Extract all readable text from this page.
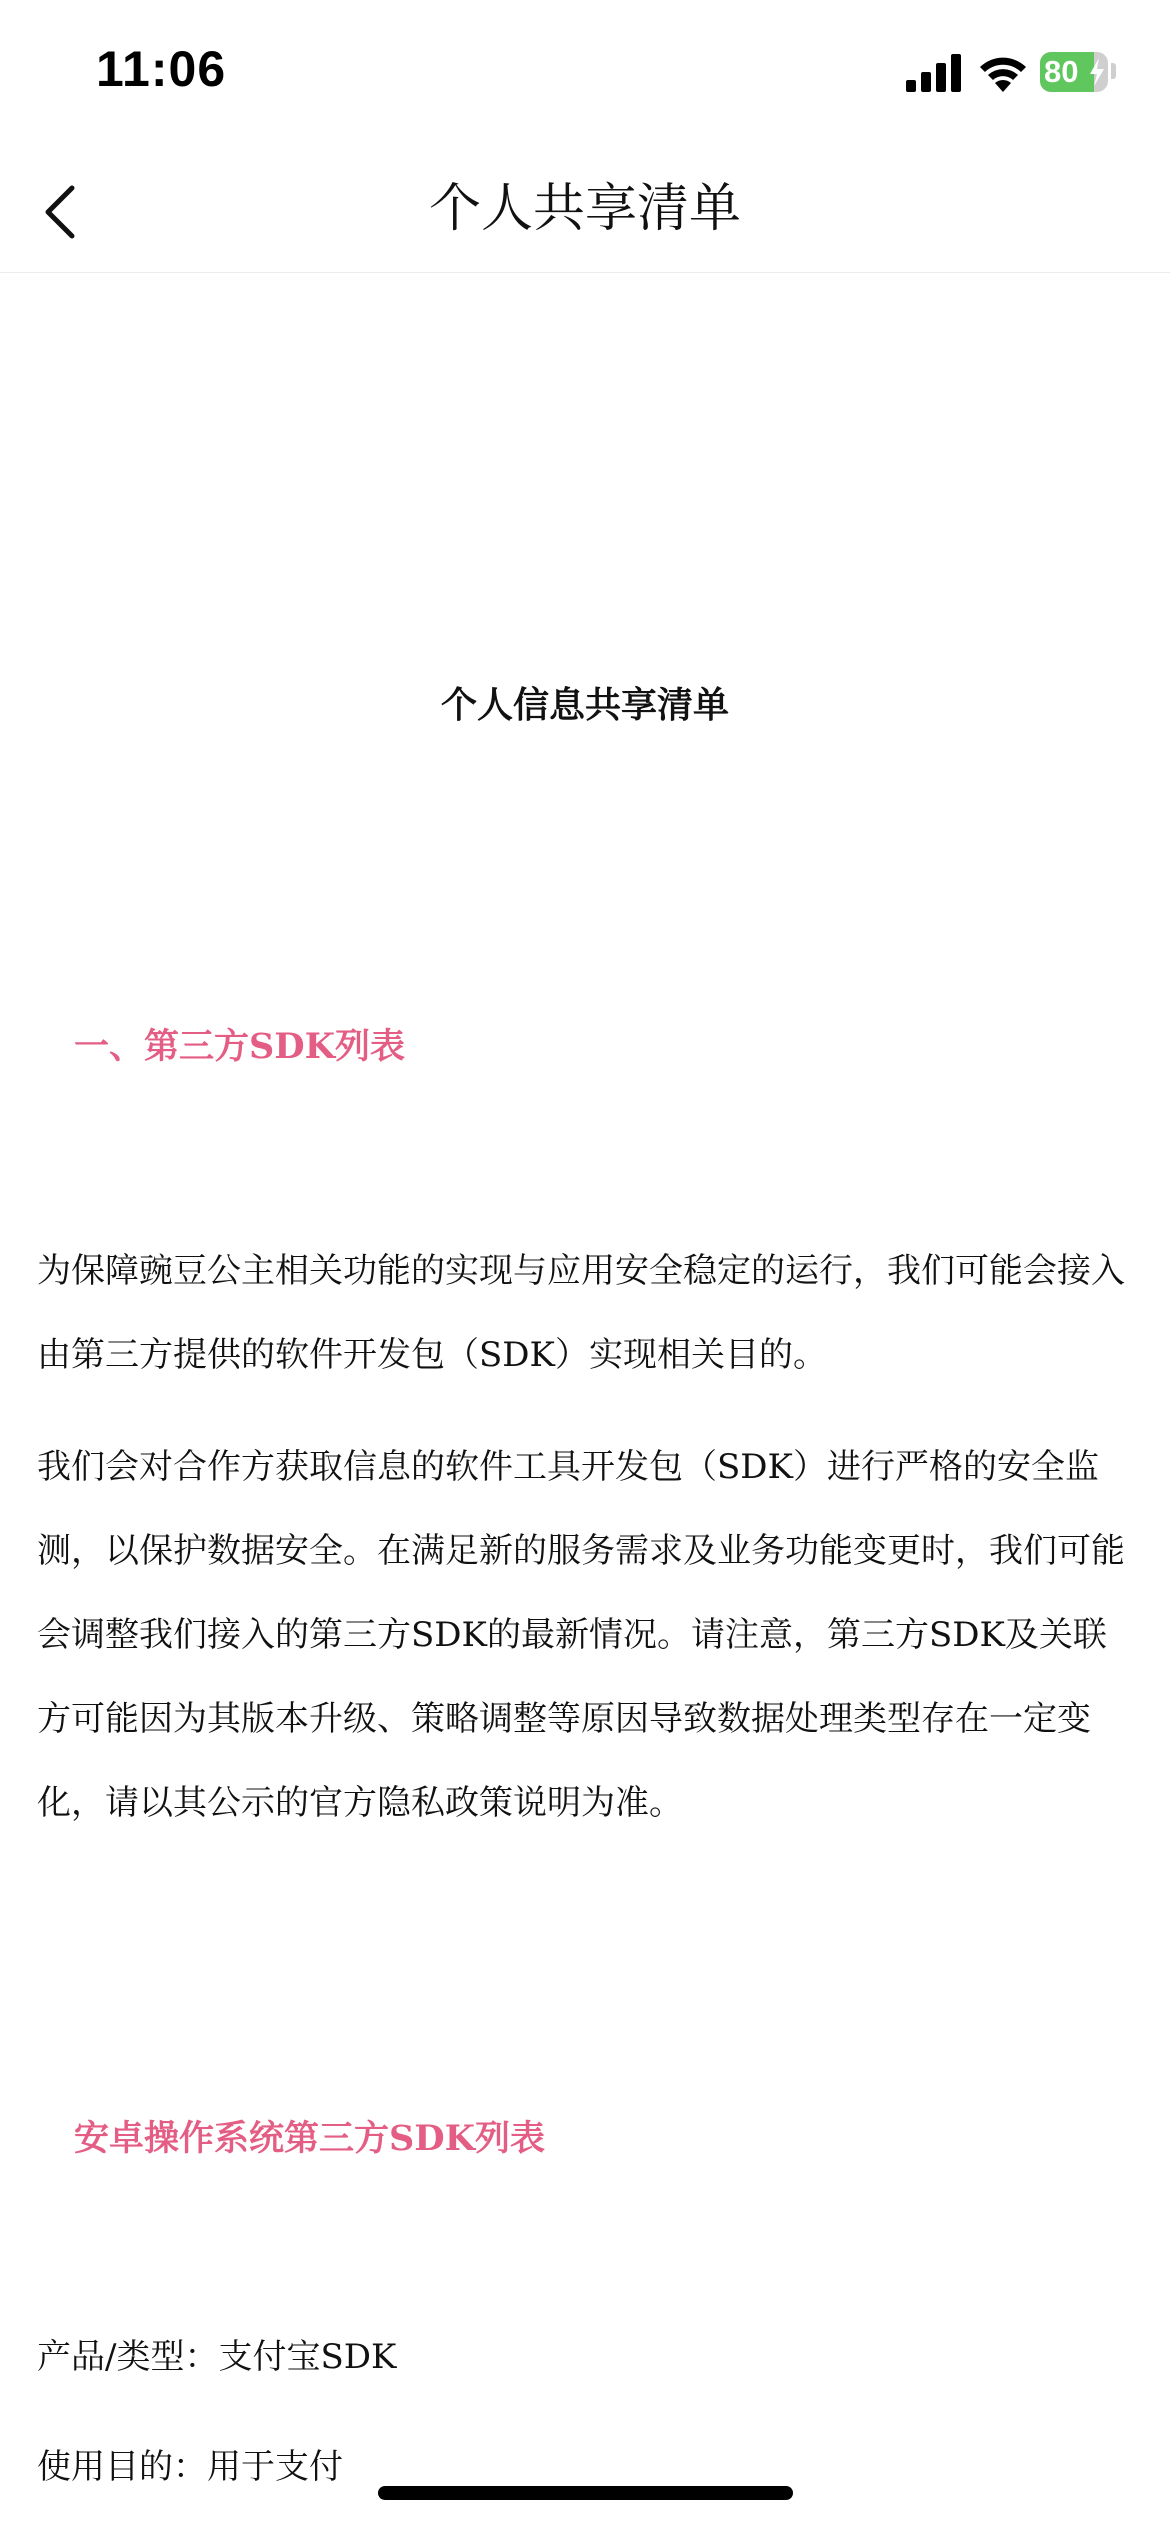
11:06	80
个人共享清单
个人信息共享清单
一、第三方SDK列表

为保障豌豆公主相关功能的实现与应用安全稳定的运行，我们可能会接入由第三方提供的软件开发包（SDK）实现相关目的。

我们会对合作方获取信息的软件工具开发包（SDK）进行严格的安全监测，以保护数据安全。在满足新的服务需求及业务功能变更时，我们可能会调整我们接入的第三方SDK的最新情况。请注意，第三方SDK及关联方可能因为其版本升级、策略调整等原因导致数据处理类型存在一定变化，请以其公示的官方隐私政策说明为准。

安卓操作系统第三方SDK列表
产品/类型：支付宝SDK
使用目的：用于支付
